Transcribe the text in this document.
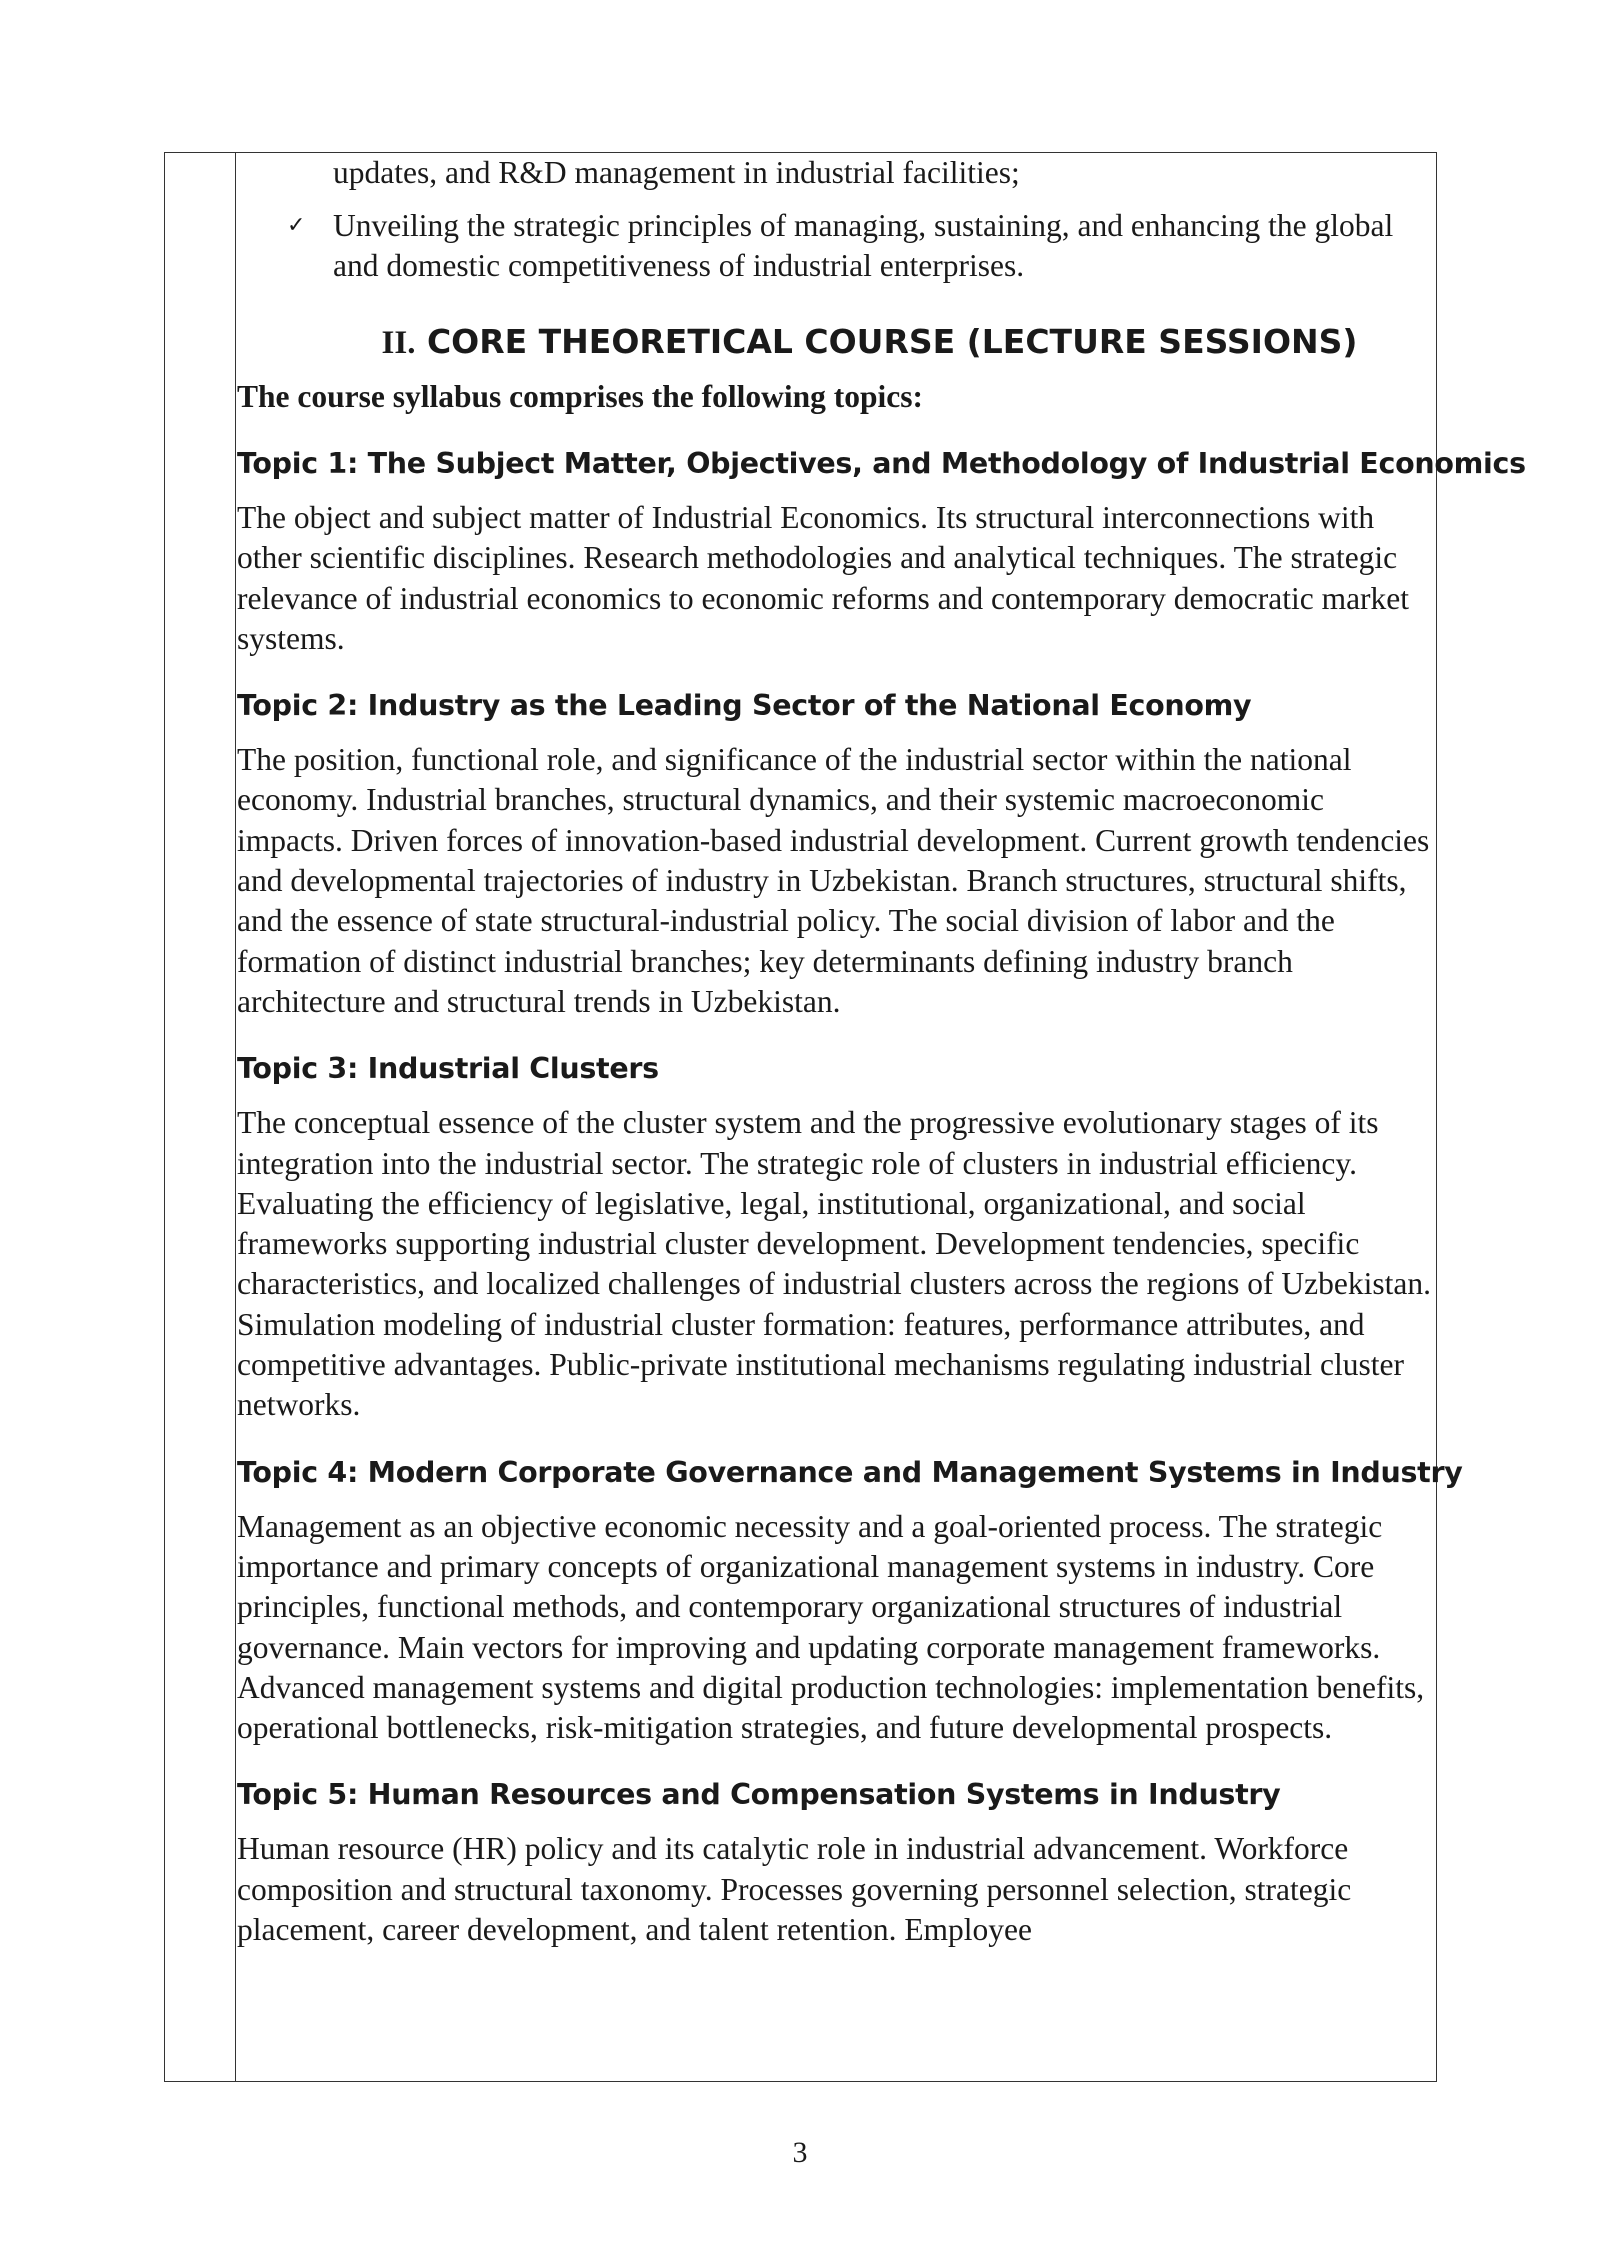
updates, and R&D management in industrial facilities;
✓ Unveiling the strategic principles of managing, sustaining, and enhancing the global and domestic competitiveness of industrial enterprises.
II. CORE THEORETICAL COURSE (LECTURE SESSIONS)

The course syllabus comprises the following topics:

Topic 1: The Subject Matter, Objectives, and Methodology of Industrial Economics

The object and subject matter of Industrial Economics. Its structural interconnections with other scientific disciplines. Research methodologies and analytical techniques. The strategic relevance of industrial economics to economic reforms and contemporary democratic market systems.

Topic 2: Industry as the Leading Sector of the National Economy

The position, functional role, and significance of the industrial sector within the national economy. Industrial branches, structural dynamics, and their systemic macroeconomic impacts. Driven forces of innovation-based industrial development. Current growth tendencies and developmental trajectories of industry in Uzbekistan. Branch structures, structural shifts, and the essence of state structural-industrial policy. The social division of labor and the formation of distinct industrial branches; key determinants defining industry branch architecture and structural trends in Uzbekistan.

Topic 3: Industrial Clusters

The conceptual essence of the cluster system and the progressive evolutionary stages of its integration into the industrial sector. The strategic role of clusters in industrial efficiency. Evaluating the efficiency of legislative, legal, institutional, organizational, and social frameworks supporting industrial cluster development. Development tendencies, specific characteristics, and localized challenges of industrial clusters across the regions of Uzbekistan. Simulation modeling of industrial cluster formation: features, performance attributes, and competitive advantages. Public-private institutional mechanisms regulating industrial cluster networks.

Topic 4: Modern Corporate Governance and Management Systems in Industry

Management as an objective economic necessity and a goal-oriented process. The strategic importance and primary concepts of organizational management systems in industry. Core principles, functional methods, and contemporary organizational structures of industrial governance. Main vectors for improving and updating corporate management frameworks. Advanced management systems and digital production technologies: implementation benefits, operational bottlenecks, risk-mitigation strategies, and future developmental prospects.

Topic 5: Human Resources and Compensation Systems in Industry

Human resource (HR) policy and its catalytic role in industrial advancement. Workforce composition and structural taxonomy. Processes governing personnel selection, strategic placement, career development, and talent retention. Employee

3
